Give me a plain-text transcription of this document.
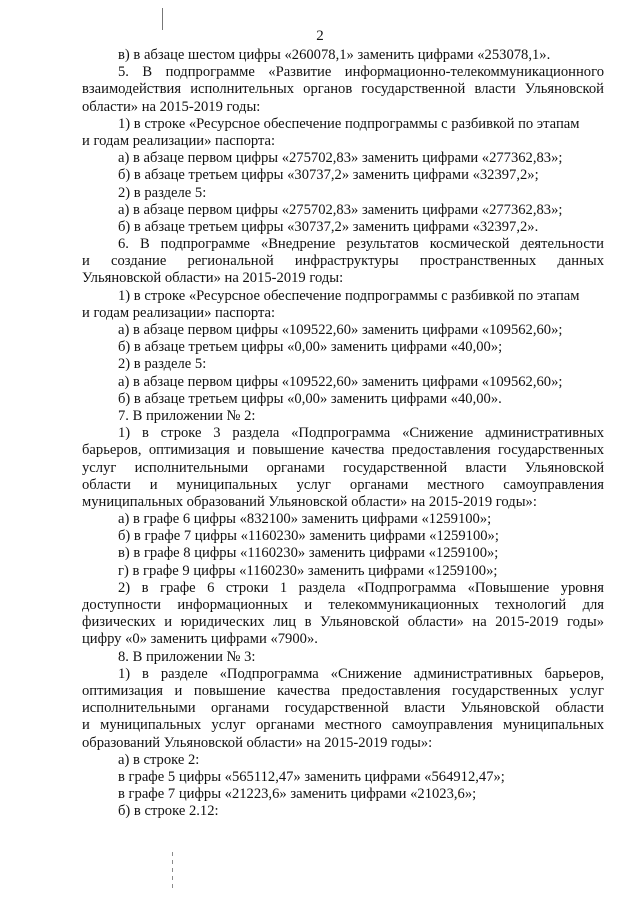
2
в) в абзаце шестом цифры «260078,1» заменить цифрами «253078,1».
5. В подпрограмме «Развитие информационно-телекоммуникационного
взаимодействия исполнительных органов государственной власти Ульяновской
области» на 2015-2019 годы:
1) в строке «Ресурсное обеспечение подпрограммы с разбивкой по этапам
и годам реализации» паспорта:
а) в абзаце первом цифры «275702,83» заменить цифрами «277362,83»;
б) в абзаце третьем цифры «30737,2» заменить цифрами «32397,2»;
2) в разделе 5:
а) в абзаце первом цифры «275702,83» заменить цифрами «277362,83»;
б) в абзаце третьем цифры «30737,2» заменить цифрами «32397,2».
6. В подпрограмме «Внедрение результатов космической деятельности
и создание региональной инфраструктуры пространственных данных
Ульяновской области» на 2015-2019 годы:
1) в строке «Ресурсное обеспечение подпрограммы с разбивкой по этапам
и годам реализации» паспорта:
а) в абзаце первом цифры «109522,60» заменить цифрами «109562,60»;
б) в абзаце третьем цифры «0,00» заменить цифрами «40,00»;
2) в разделе 5:
а) в абзаце первом цифры «109522,60» заменить цифрами «109562,60»;
б) в абзаце третьем цифры «0,00» заменить цифрами «40,00».
7. В приложении № 2:
1) в строке 3 раздела «Подпрограмма «Снижение административных
барьеров, оптимизация и повышение качества предоставления государственных
услуг исполнительными органами государственной власти Ульяновской
области и муниципальных услуг органами местного самоуправления
муниципальных образований Ульяновской области» на 2015-2019 годы»:
а) в графе 6 цифры «832100» заменить цифрами «1259100»;
б) в графе 7 цифры «1160230» заменить цифрами «1259100»;
в) в графе 8 цифры «1160230» заменить цифрами «1259100»;
г) в графе 9 цифры «1160230» заменить цифрами «1259100»;
2) в графе 6 строки 1 раздела «Подпрограмма «Повышение уровня
доступности информационных и телекоммуникационных технологий для
физических и юридических лиц в Ульяновской области» на 2015-2019 годы»
цифру «0» заменить цифрами «7900».
8. В приложении № 3:
1) в разделе «Подпрограмма «Снижение административных барьеров,
оптимизация и повышение качества предоставления государственных услуг
исполнительными органами государственной власти Ульяновской области
и муниципальных услуг органами местного самоуправления муниципальных
образований Ульяновской области» на 2015-2019 годы»:
а) в строке 2:
в графе 5 цифры «565112,47» заменить цифрами «564912,47»;
в графе 7 цифры «21223,6» заменить цифрами «21023,6»;
б) в строке 2.12:
